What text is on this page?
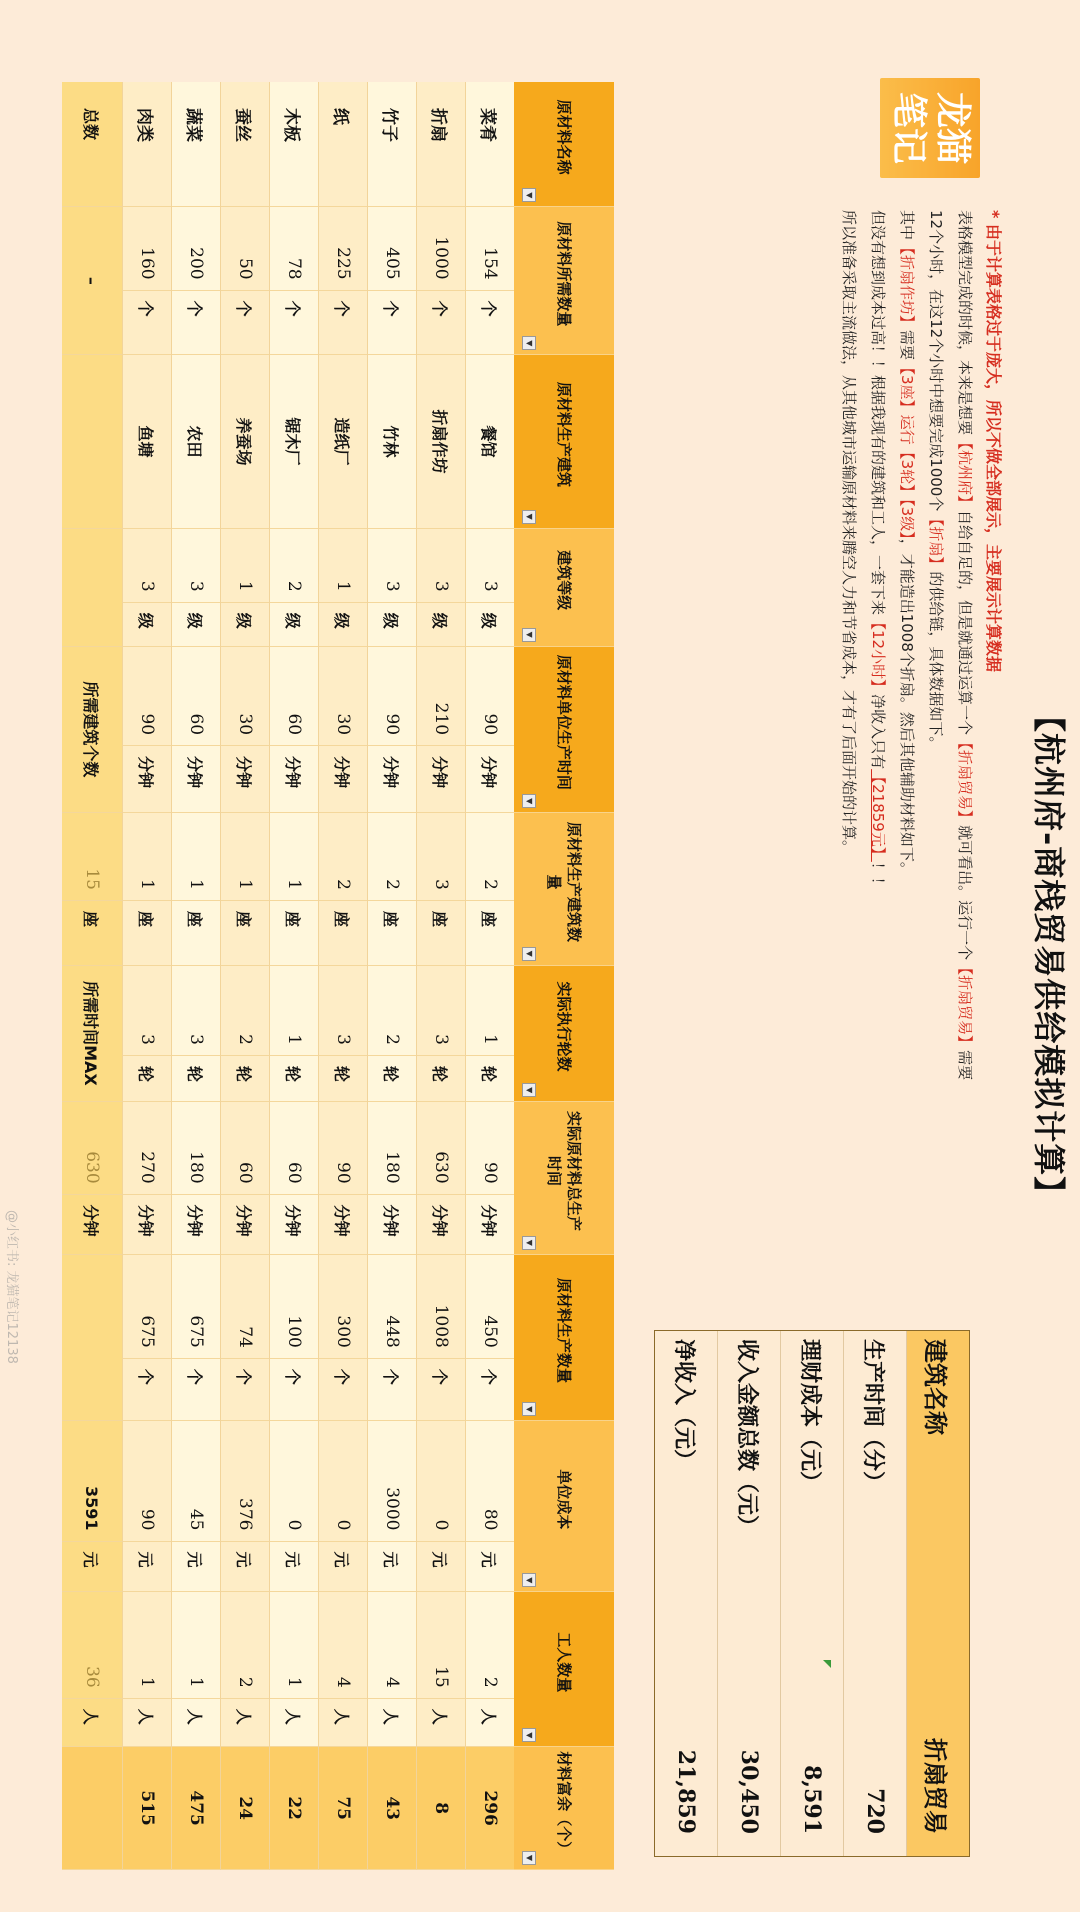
【杭州府-商栈贸易供给模拟计算】
龙猫
笔记

* 由于计算表格过于庞大，所以不做全部展示，主要展示计算数据

表格模型完成的时候，本来是想要【杭州府】自给自足的，但是就通过运算一个【折扇贸易】就可看出。运行一个【折扇贸易】需要

12个小时，在这12个小时中想要完成1000个【折扇】的供给链，具体数据如下。

其中【折扇作坊】需要【3座】运行【3轮】【3级】，才能造出1008个折扇。然后其他辅助材料如下。

但没有想到成本过高！！根据我现有的建筑和工人，一套下来【12小时】净收入只有【21859元】！！

所以准备采取主流做法，从其他城市运输原材料来腾空人力和节省成本，才有了后面开始的计算。

建筑名称
折扇贸易
生产时间（分）
720
理财成本（元）
8,591
收入金额总数（元）
30,450
净收入（元）
21,859
原材料名称
▼	原材料所需数量
▼		原材料生产建筑
▼	建筑等级
▼		原材料单位生产时间
▼		原材料生产建筑数量
▼		实际执行轮数
▼		实际原材料总生产时间
▼		原材料生产数量
▼		单位成本
▼		工人数量
▼		材料富余（个）
▼

菜肴	154	个	餐馆	3	级	90	分钟	2	座	1	轮	90	分钟	450	个	80	元	2	人	296
折扇	1000	个	折扇作坊	3	级	210	分钟	3	座	3	轮	630	分钟	1008	个	0	元	15	人	8
竹子	405	个	竹林	3	级	90	分钟	2	座	2	轮	180	分钟	448	个	3000	元	4	人	43
纸	225	个	造纸厂	1	级	30	分钟	2	座	3	轮	90	分钟	300	个	0	元	4	人	75
木板	78	个	锯木厂	2	级	60	分钟	1	座	1	轮	60	分钟	100	个	0	元	1	人	22
蚕丝	50	个	养蚕场	1	级	30	分钟	1	座	2	轮	60	分钟	74	个	376	元	2	人	24
蔬菜	200	个	农田	3	级	60	分钟	1	座	3	轮	180	分钟	675	个	45	元	1	人	475
肉类	160	个	鱼塘	3	级	90	分钟	1	座	3	轮	270	分钟	675	个	90	元	1	人	515
总数	–					所需建筑个数		15	座	所需时间MAX		630	分钟			3591	元	36	人	
@小红书: 龙猫笔记12138
